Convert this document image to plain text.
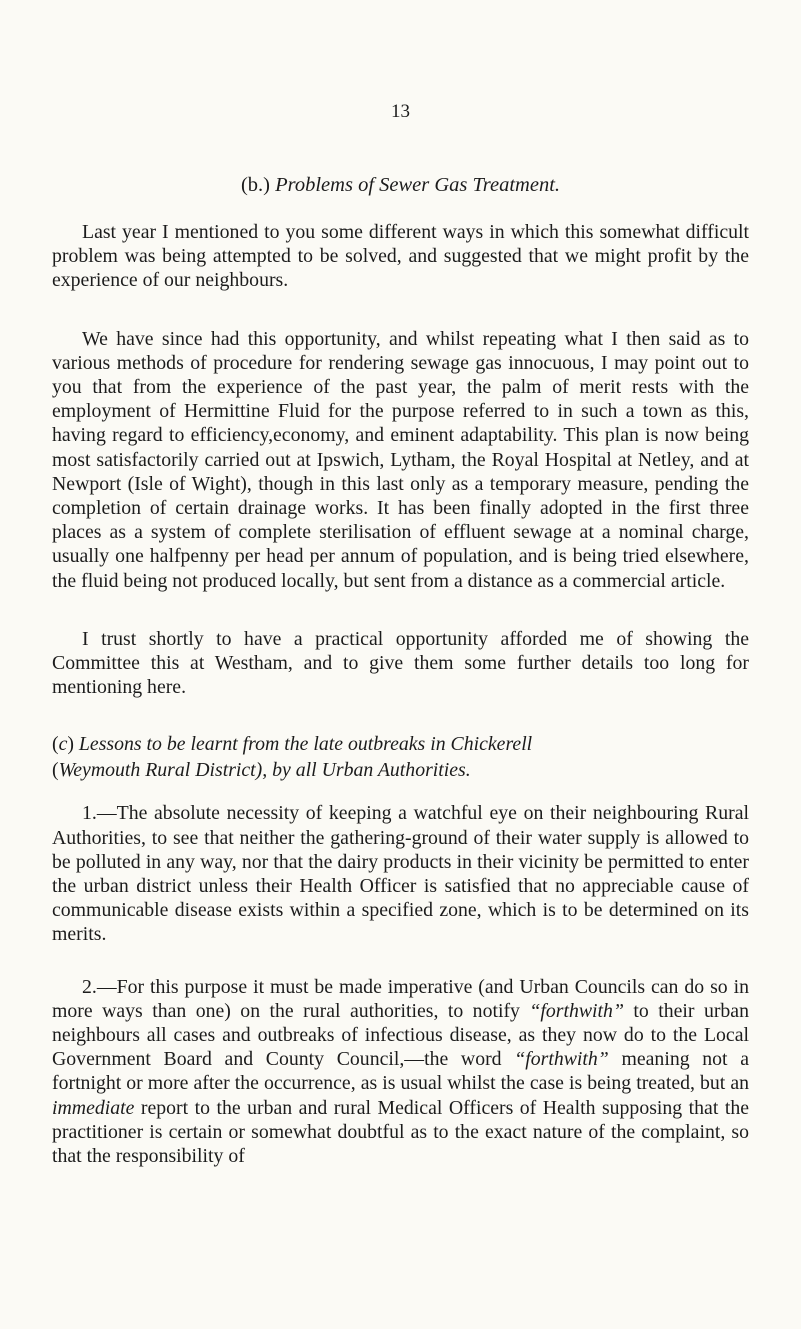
13
(b.) Problems of Sewer Gas Treatment.

Last year I mentioned to you some different ways in which this somewhat difficult problem was being attempted to be solved, and suggested that we might profit by the experience of our neighbours.

We have since had this opportunity, and whilst repeating what I then said as to various methods of procedure for rendering sewage gas innocuous, I may point out to you that from the experience of the past year, the palm of merit rests with the employment of Hermittine Fluid for the purpose referred to in such a town as this, having regard to efficiency,economy, and eminent adaptability. This plan is now being most satisfactorily carried out at Ipswich, Lytham, the Royal Hospital at Netley, and at Newport (Isle of Wight), though in this last only as a temporary measure, pending the completion of certain drainage works. It has been finally adopted in the first three places as a system of complete sterilisation of effluent sewage at a nominal charge, usually one halfpenny per head per annum of population, and is being tried elsewhere, the fluid being not produced locally, but sent from a distance as a commercial article.

I trust shortly to have a practical opportunity afforded me of showing the Committee this at Westham, and to give them some further details too long for mentioning here.

(c) Lessons to be learnt from the late outbreaks in Chickerell
(Weymouth Rural District), by all Urban Authorities.

1.—The absolute necessity of keeping a watchful eye on their neighbouring Rural Authorities, to see that neither the gathering-ground of their water supply is allowed to be polluted in any way, nor that the dairy products in their vicinity be permitted to enter the urban district unless their Health Officer is satisfied that no appreciable cause of communicable disease exists within a specified zone, which is to be determined on its merits.

2.—For this purpose it must be made imperative (and Urban Councils can do so in more ways than one) on the rural authorities, to notify “forthwith” to their urban neighbours all cases and outbreaks of infectious disease, as they now do to the Local Government Board and County Council,—the word “forthwith” meaning not a fortnight or more after the occurrence, as is usual whilst the case is being treated, but an immediate report to the urban and rural Medical Officers of Health supposing that the practitioner is certain or somewhat doubtful as to the exact nature of the complaint, so that the responsibility of
